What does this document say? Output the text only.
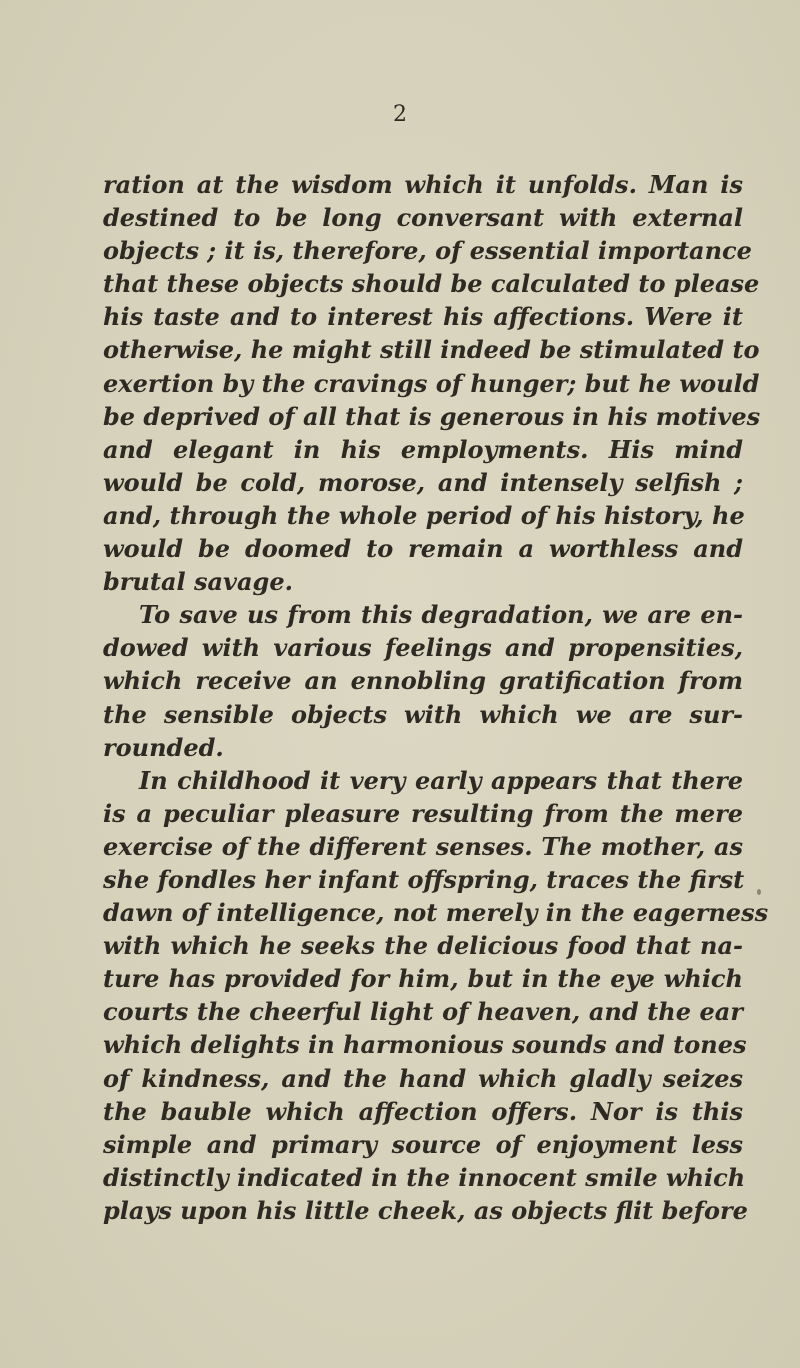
2
ration at the wisdom which it unfolds. Man is
destined to be long conversant with external
objects ; it is, therefore, of essential importance
that these objects should be calculated to please
his taste and to interest his affections. Were it
otherwise, he might still indeed be stimulated to
exertion by the cravings of hunger; but he would
be deprived of all that is generous in his motives
and elegant in his employments. His mind
would be cold, morose, and intensely selfish ;
and, through the whole period of his history, he
would be doomed to remain a worthless and
brutal savage.
To save us from this degradation, we are en-
dowed with various feelings and propensities,
which receive an ennobling gratification from
the sensible objects with which we are sur-
rounded.
In childhood it very early appears that there
is a peculiar pleasure resulting from the mere
exercise of the different senses. The mother, as
she fondles her infant offspring, traces the first
dawn of intelligence, not merely in the eagerness
with which he seeks the delicious food that na-
ture has provided for him, but in the eye which
courts the cheerful light of heaven, and the ear
which delights in harmonious sounds and tones
of kindness, and the hand which gladly seizes
the bauble which affection offers. Nor is this
simple and primary source of enjoyment less
distinctly indicated in the innocent smile which
plays upon his little cheek, as objects flit before
